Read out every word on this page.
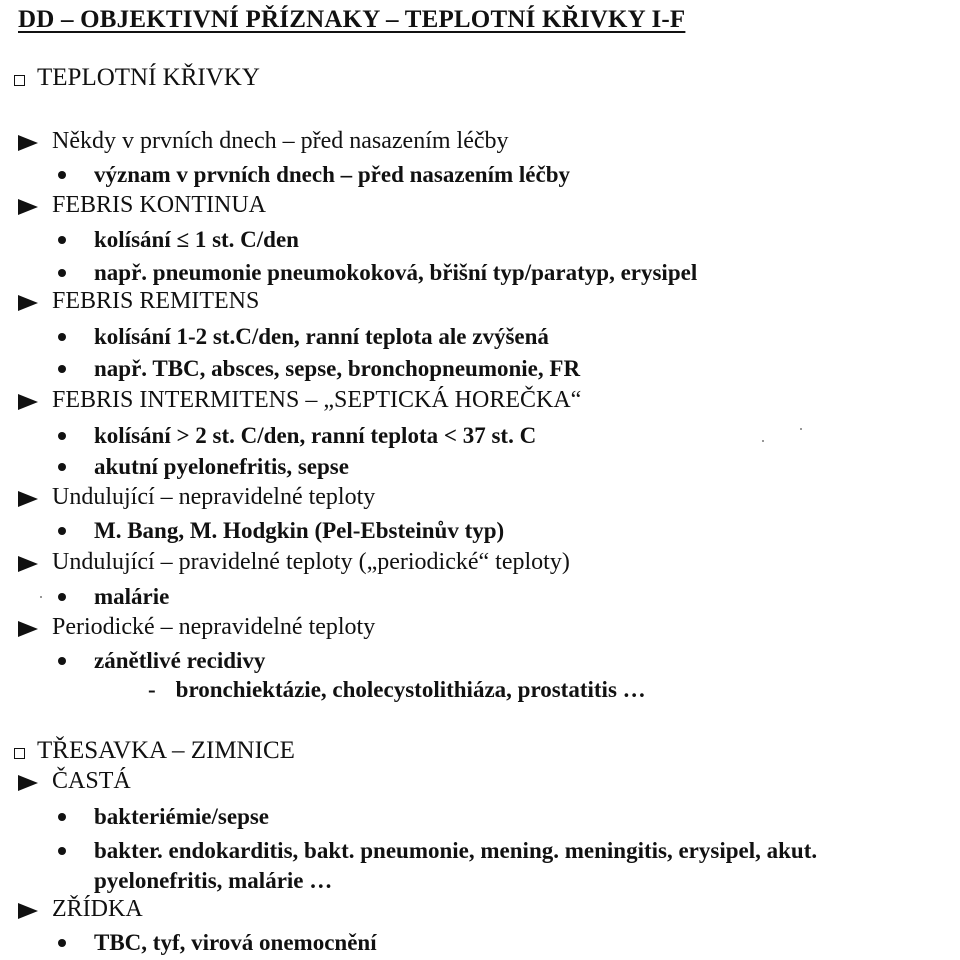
DD – OBJEKTIVNÍ PŘÍZNAKY – TEPLOTNÍ KŘIVKY I-F
TEPLOTNÍ KŘIVKY
Někdy v prvních dnech – před nasazením léčby
význam v prvních dnech – před nasazením léčby
FEBRIS KONTINUA
kolísání ≤ 1 st. C/den
např. pneumonie pneumokoková, břišní typ/paratyp, erysipel
FEBRIS REMITENS
kolísání 1-2 st.C/den, ranní teplota ale zvýšená
např. TBC, absces, sepse, bronchopneumonie, FR
FEBRIS INTERMITENS – „SEPTICKÁ HOREČKA“
kolísání > 2 st. C/den, ranní teplota < 37 st. C
akutní pyelonefritis, sepse
Undulující – nepravidelné teploty
M. Bang, M. Hodgkin (Pel-Ebsteinův typ)
Undulující – pravidelné teploty („periodické“ teploty)
malárie
Periodické – nepravidelné teploty
zánětlivé recidivy
- bronchiektázie, cholecystolithiáza, prostatitis …
TŘESAVKA – ZIMNICE
ČASTÁ
bakteriémie/sepse
bakter. endokarditis, bakt. pneumonie, mening. meningitis, erysipel, akut.
pyelonefritis, malárie …
ZŘÍDKA
TBC, tyf, virová onemocnění
